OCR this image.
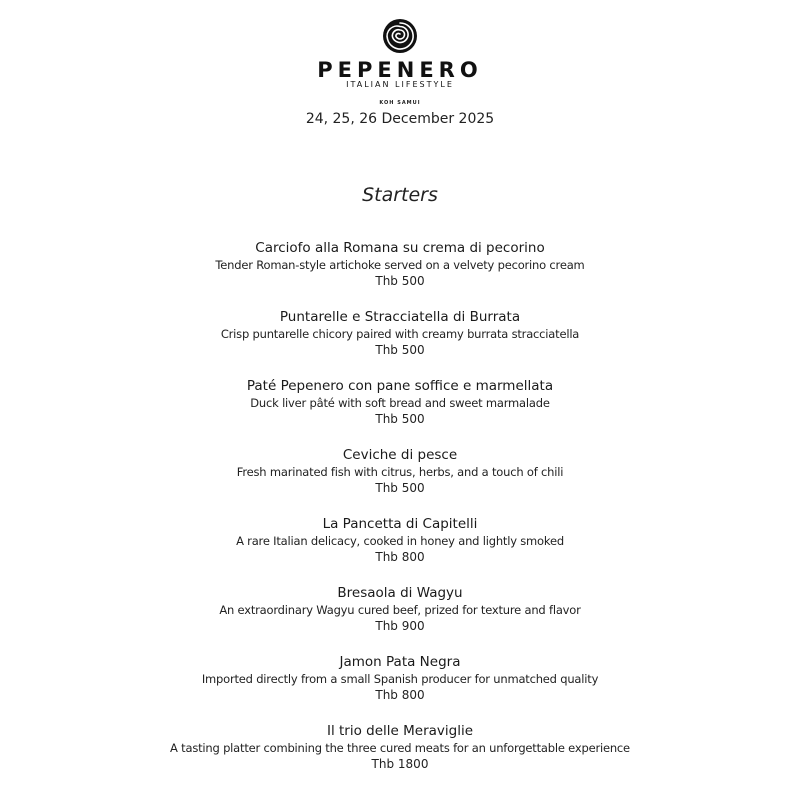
PEPENERO
ITALIAN LIFESTYLE
KOH SAMUI
24, 25, 26 December 2025
Starters
Carciofo alla Romana su crema di pecorino
Tender Roman-style artichoke served on a velvety pecorino cream
Thb 500
Puntarelle e Stracciatella di Burrata
Crisp puntarelle chicory paired with creamy burrata stracciatella
Thb 500
Paté Pepenero con pane soffice e marmellata
Duck liver pâté with soft bread and sweet marmalade
Thb 500
Ceviche di pesce
Fresh marinated fish with citrus, herbs, and a touch of chili
Thb 500
La Pancetta di Capitelli
A rare Italian delicacy, cooked in honey and lightly smoked
Thb 800
Bresaola di Wagyu
An extraordinary Wagyu cured beef, prized for texture and flavor
Thb 900
Jamon Pata Negra
Imported directly from a small Spanish producer for unmatched quality
Thb 800
Il trio delle Meraviglie
A tasting platter combining the three cured meats for an unforgettable experience
Thb 1800
